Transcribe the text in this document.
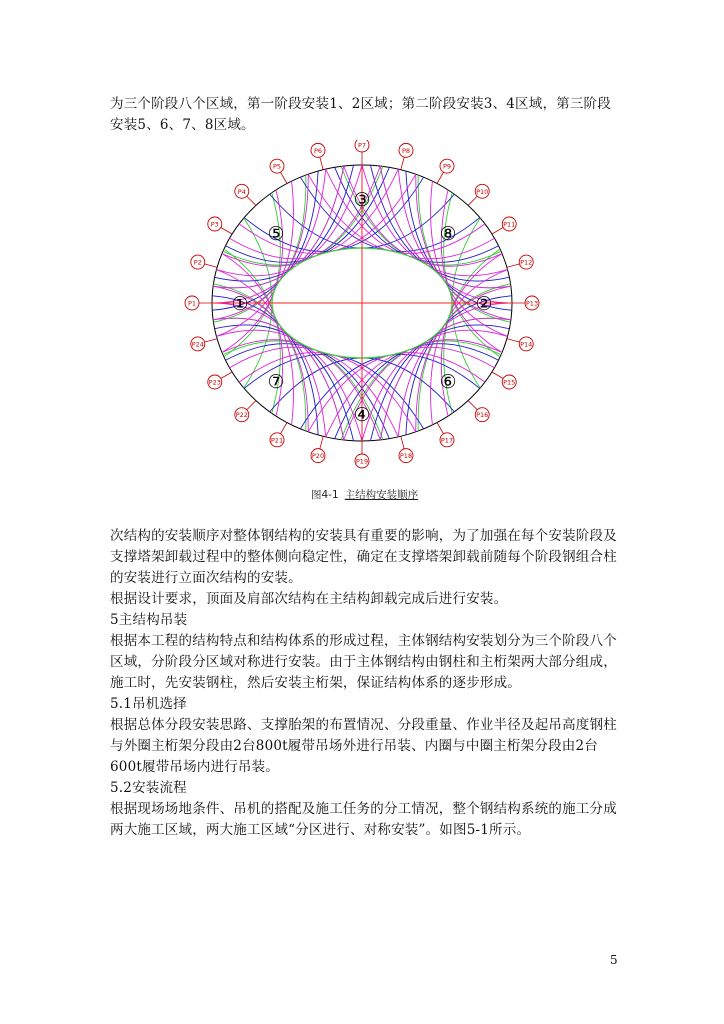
为三个阶段八个区域，第一阶段安装1、2区域；第二阶段安装3、4区域，第三阶段安装5、6、7、8区域。

P1
P2
P3
P4
P5
P6
P7
P8
P9
P10
P11
P12
P13
P14
P15
P16
P17
P18
P19
P20
P21
P22
P23
P24
①	②
③
④
⑤
⑥
⑦
⑧
图4-1 主结构安装顺序

次结构的安装顺序对整体钢结构的安装具有重要的影响，为了加强在每个安装阶段及支撑塔架卸载过程中的整体侧向稳定性，确定在支撑塔架卸载前随每个阶段钢组合柱的安装进行立面次结构的安装。

根据设计要求，顶面及肩部次结构在主结构卸载完成后进行安装。

5主结构吊装

根据本工程的结构特点和结构体系的形成过程，主体钢结构安装划分为三个阶段八个区域，分阶段分区域对称进行安装。由于主体钢结构由钢柱和主桁架两大部分组成，施工时，先安装钢柱，然后安装主桁架，保证结构体系的逐步形成。

5.1吊机选择

根据总体分段安装思路、支撑胎架的布置情况、分段重量、作业半径及起吊高度钢柱与外圈主桁架分段由2台800t履带吊场外进行吊装、内圈与中圈主桁架分段由2台600t履带吊场内进行吊装。

5.2安装流程

根据现场场地条件、吊机的搭配及施工任务的分工情况，整个钢结构系统的施工分成两大施工区域，两大施工区域“分区进行、对称安装”。如图5-1所示。

5
